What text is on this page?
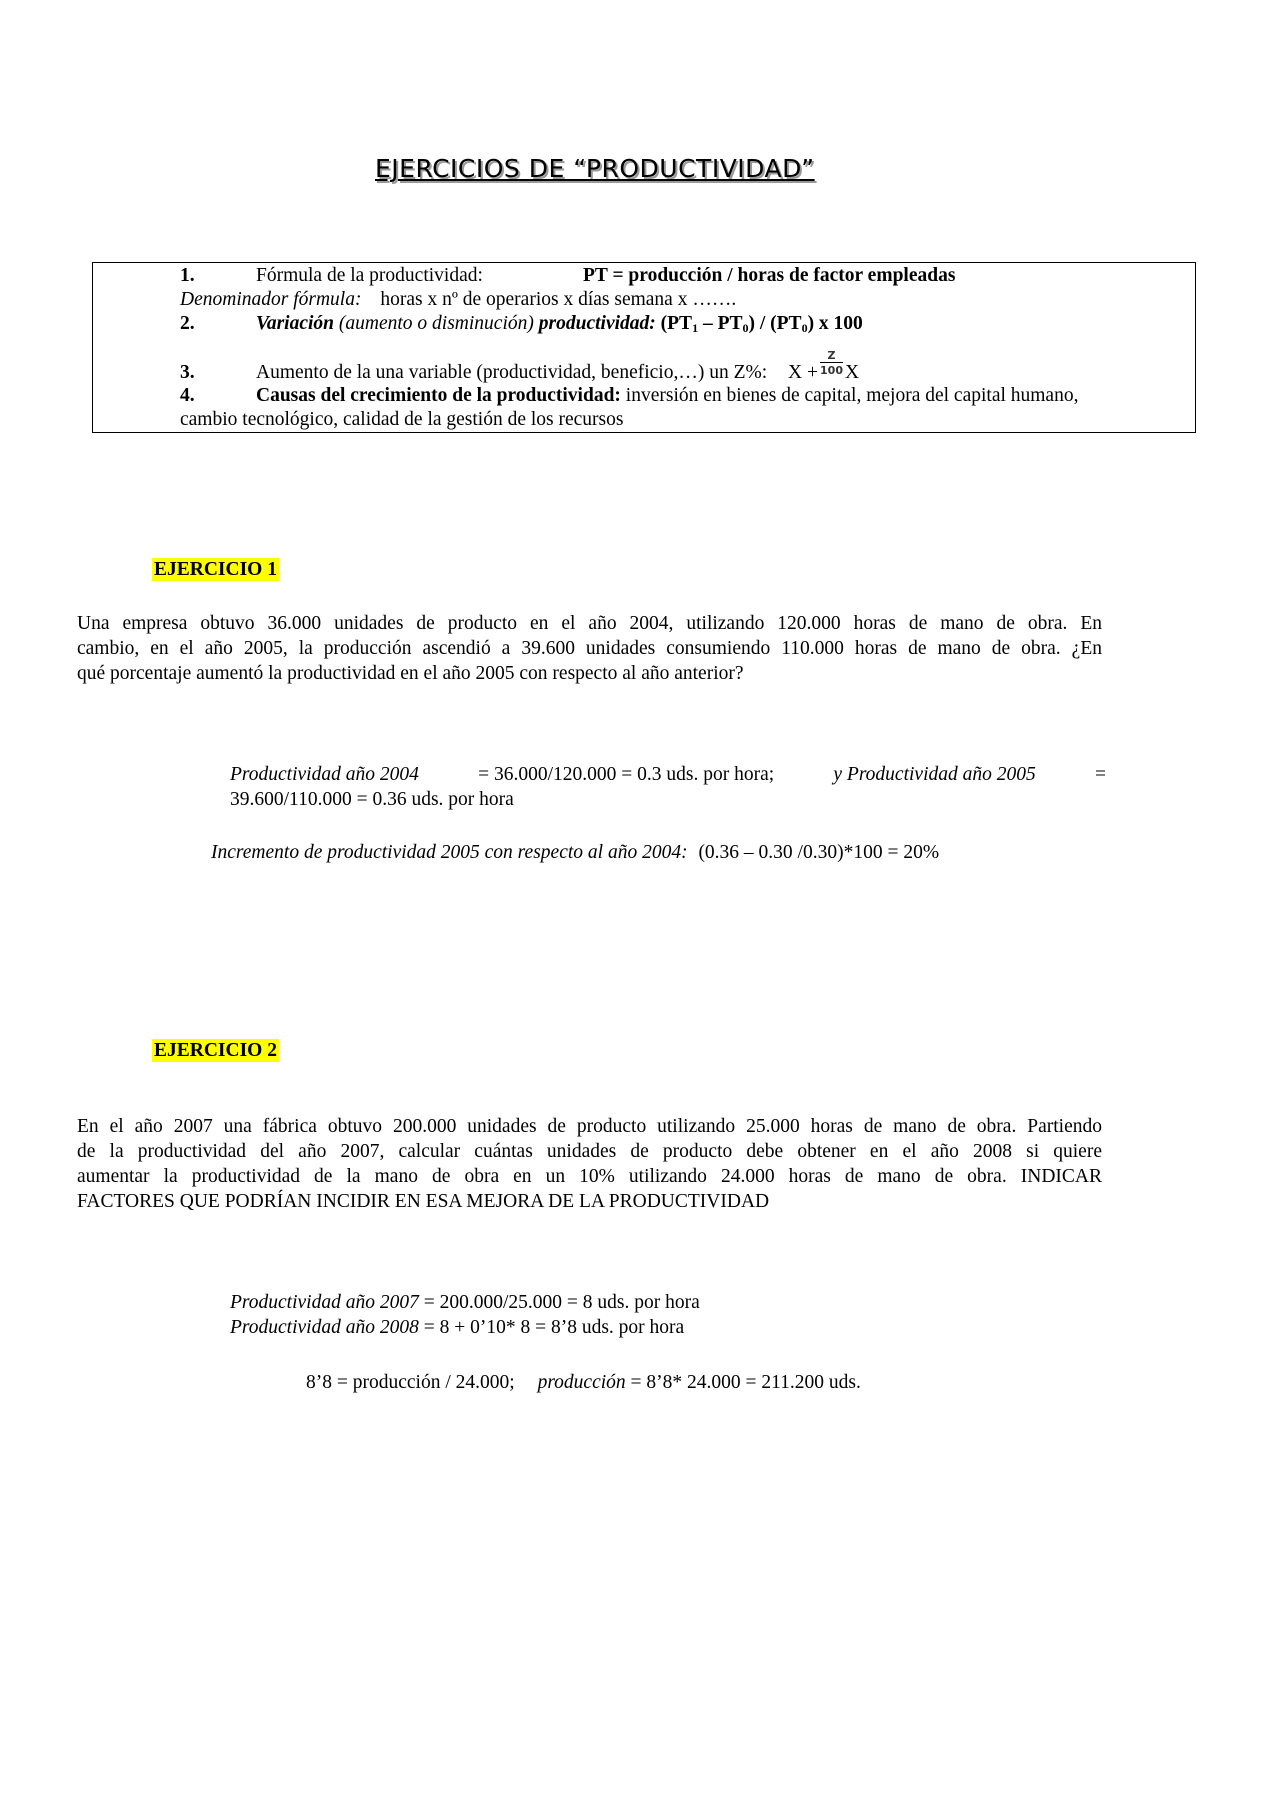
EJERCICIOS DE “PRODUCTIVIDAD”
1.	Fórmula de la productividad:	PT = producción / horas de factor empleadas
Denominador fórmula: horas x nº de operarios x días semana x …….
2.	Variación (aumento o disminución) productividad: $(PT_1 - PT_0) / (PT_0)$ x 100
3.	Aumento de la una variable (productividad, beneficio,…) un Z%: $X + \frac{Z}{100}$ X
4.	Causas del crecimiento de la productividad: inversión en bienes de capital, mejora del capital humano,
cambio tecnológico, calidad de la gestión de los recursos
EJERCICIO 1
Una empresa obtuvo 36.000 unidades de producto en el año 2004, utilizando 120.000 horas de mano de obra. En
cambio, en el año 2005, la producción ascendió a 39.600 unidades consumiendo 110.000 horas de mano de obra. ¿En
qué porcentaje aumentó la productividad en el año 2005 con respecto al año anterior?
Productividad año 2004	= 36.000/120.000 = 0.3 uds. por hora;	y Productividad año 2005	=
39.600/110.000 = 0.36 uds. por hora
Incremento de productividad 2005 con respecto al año 2004: (0.36 – 0.30 /0.30)*100 = 20%
EJERCICIO 2
En el año 2007 una fábrica obtuvo 200.000 unidades de producto utilizando 25.000 horas de mano de obra. Partiendo
de la productividad del año 2007, calcular cuántas unidades de producto debe obtener en el año 2008 si quiere
aumentar la productividad de la mano de obra en un 10% utilizando 24.000 horas de mano de obra. INDICAR
FACTORES QUE PODRÍAN INCIDIR EN ESA MEJORA DE LA PRODUCTIVIDAD
Productividad año 2007 = 200.000/25.000 = 8 uds. por hora
Productividad año 2008 = 8 + 0’10* 8 = 8’8 uds. por hora
8’8 = producción / 24.000; producción = 8’8* 24.000 = 211.200 uds.
